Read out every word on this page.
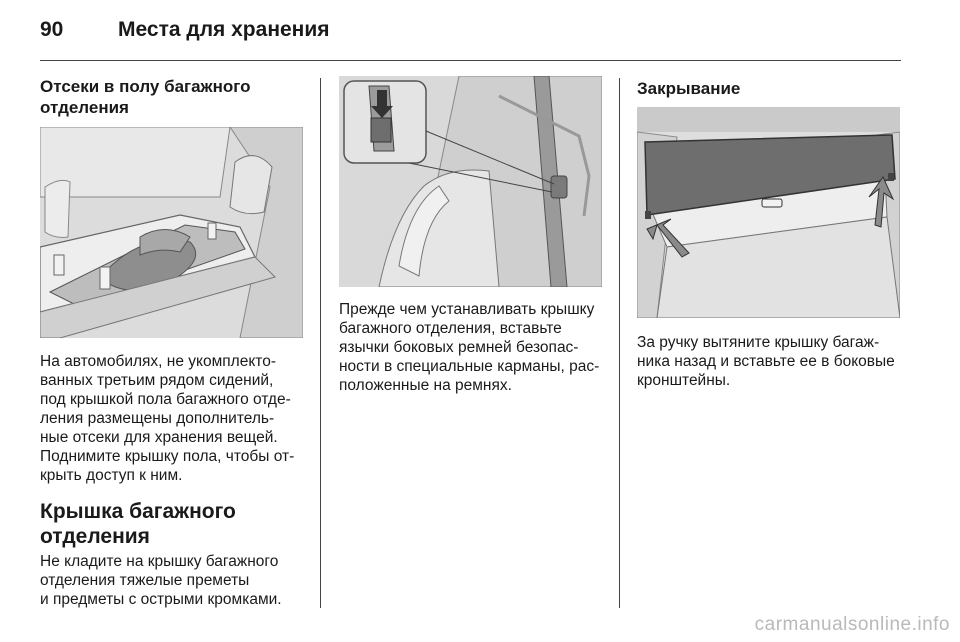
90	Места для хранения
Отсеки в полу багажного отделения

На автомобилях, не укомплекто-
ванных третьим рядом сидений,
под крышкой пола багажного отде-
ления размещены дополнитель-
ные отсеки для хранения вещей.
Поднимите крышку пола, чтобы от-
крыть доступ к ним.

Крышка багажного отделения

Не кладите на крышку багажного
отделения тяжелые преметы
и предметы с острыми кромками.

Прежде чем устанавливать крышку
багажного отделения, вставьте
язычки боковых ремней безопас-
ности в специальные карманы, рас-
положенные на ремнях.

Закрывание

За ручку вытяните крышку багаж-
ника назад и вставьте ее в боковые
кронштейны.

carmanualsonline.info
